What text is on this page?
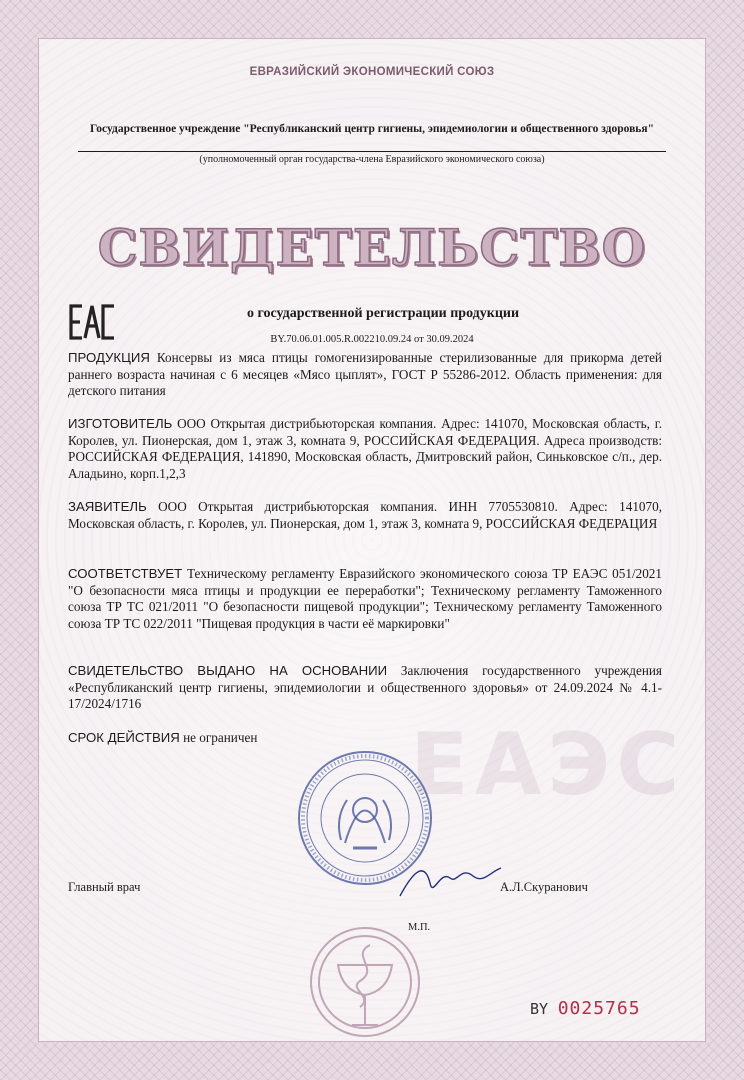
ЕВРАЗИЙСКИЙ ЭКОНОМИЧЕСКИЙ СОЮЗ
Государственное учреждение "Республиканский центр гигиены, эпидемиологии и общественного здоровья"
(уполномоченный орган государства-члена Евразийского экономического союза)
СВИДЕТЕЛЬСТВО
о государственной регистрации продукции
BY.70.06.01.005.R.002210.09.24 от 30.09.2024
ПРОДУКЦИЯ Консервы из мяса птицы гомогенизированные стерилизованные для прикорма детей раннего возраста начиная с 6 месяцев «Мясо цыплят», ГОСТ Р 55286-2012. Область применения: для детского питания
ИЗГОТОВИТЕЛЬ ООО Открытая дистрибьюторская компания. Адрес: 141070, Московская область, г. Королев, ул. Пионерская, дом 1, этаж 3, комната 9, РОССИЙСКАЯ ФЕДЕРАЦИЯ. Адреса производств: РОССИЙСКАЯ ФЕДЕРАЦИЯ, 141890, Московская область, Дмитровский район, Синьковское с/п., дер. Аладьино, корп.1,2,3
ЗАЯВИТЕЛЬ ООО Открытая дистрибьюторская компания. ИНН 7705530810. Адрес: 141070, Московская область, г. Королев, ул. Пионерская, дом 1, этаж 3, комната 9, РОССИЙСКАЯ ФЕДЕРАЦИЯ
СООТВЕТСТВУЕТ Техническому регламенту Евразийского экономического союза ТР ЕАЭС 051/2021 "О безопасности мяса птицы и продукции ее переработки"; Техническому регламенту Таможенного союза ТР ТС 021/2011 "О безопасности пищевой продукции"; Техническому регламенту Таможенного союза ТР ТС 022/2011 "Пищевая продукция в части её маркировки"
СВИДЕТЕЛЬСТВО ВЫДАНО НА ОСНОВАНИИ Заключения государственного учреждения «Республиканский центр гигиены, эпидемиологии и общественного здоровья» от 24.09.2024 № 4.1-17/2024/1716
СРОК ДЕЙСТВИЯ не ограничен	ЕАЭС
Главный врач	А.Л.Скуранович
М.П.
BY 0025765
